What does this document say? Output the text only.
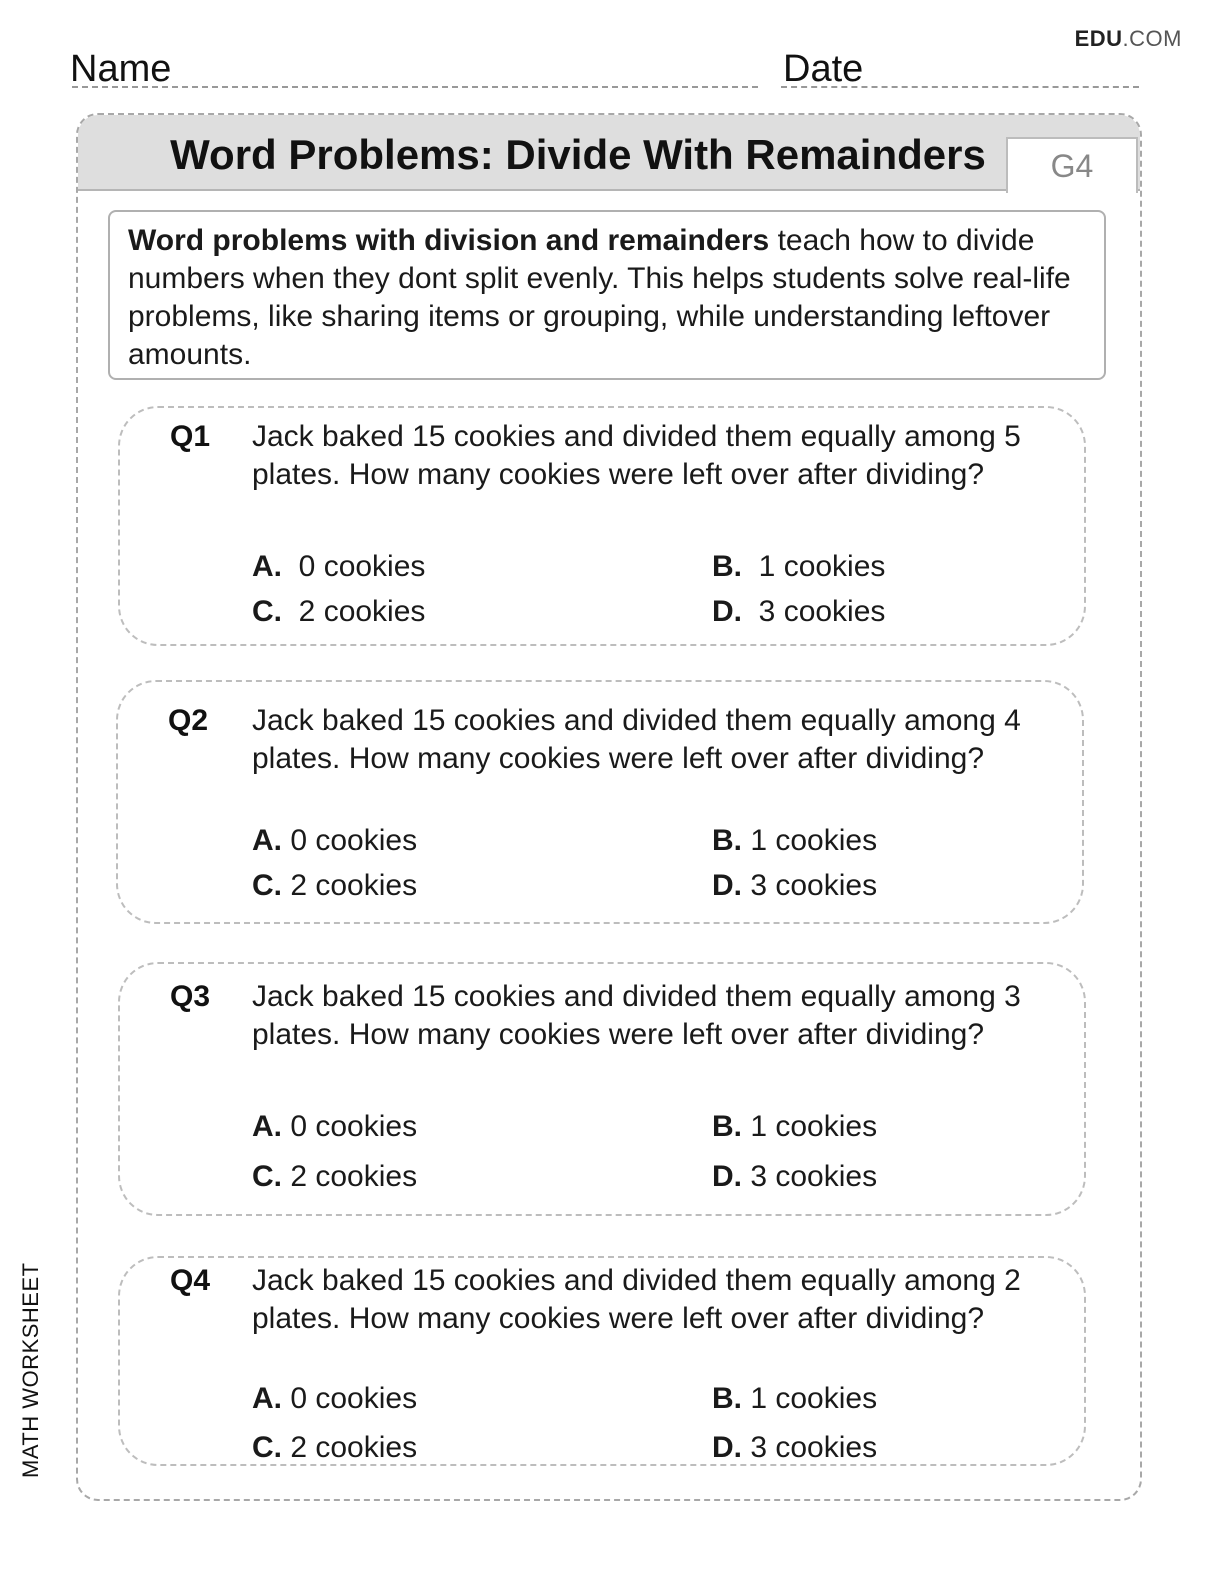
EDU.COM
Name	Date
Word Problems: Divide With Remainders	G4
Word problems with division and remainders teach how to divide numbers when they dont split evenly. This helps students solve real-life problems, like sharing items or grouping, while understanding leftover amounts.
Q1 Jack baked 15 cookies and divided them equally among 5 plates. How many cookies were left over after dividing?
A. 0 cookies	B. 1 cookies
C. 2 cookies	D. 3 cookies
Q2 Jack baked 15 cookies and divided them equally among 4 plates. How many cookies were left over after dividing?
A. 0 cookies	B. 1 cookies
C. 2 cookies	D. 3 cookies
Q3 Jack baked 15 cookies and divided them equally among 3 plates. How many cookies were left over after dividing?
A. 0 cookies	B. 1 cookies
C. 2 cookies	D. 3 cookies
Q4 Jack baked 15 cookies and divided them equally among 2 plates. How many cookies were left over after dividing?
A. 0 cookies	B. 1 cookies
C. 2 cookies	D. 3 cookies
MATH WORKSHEET
